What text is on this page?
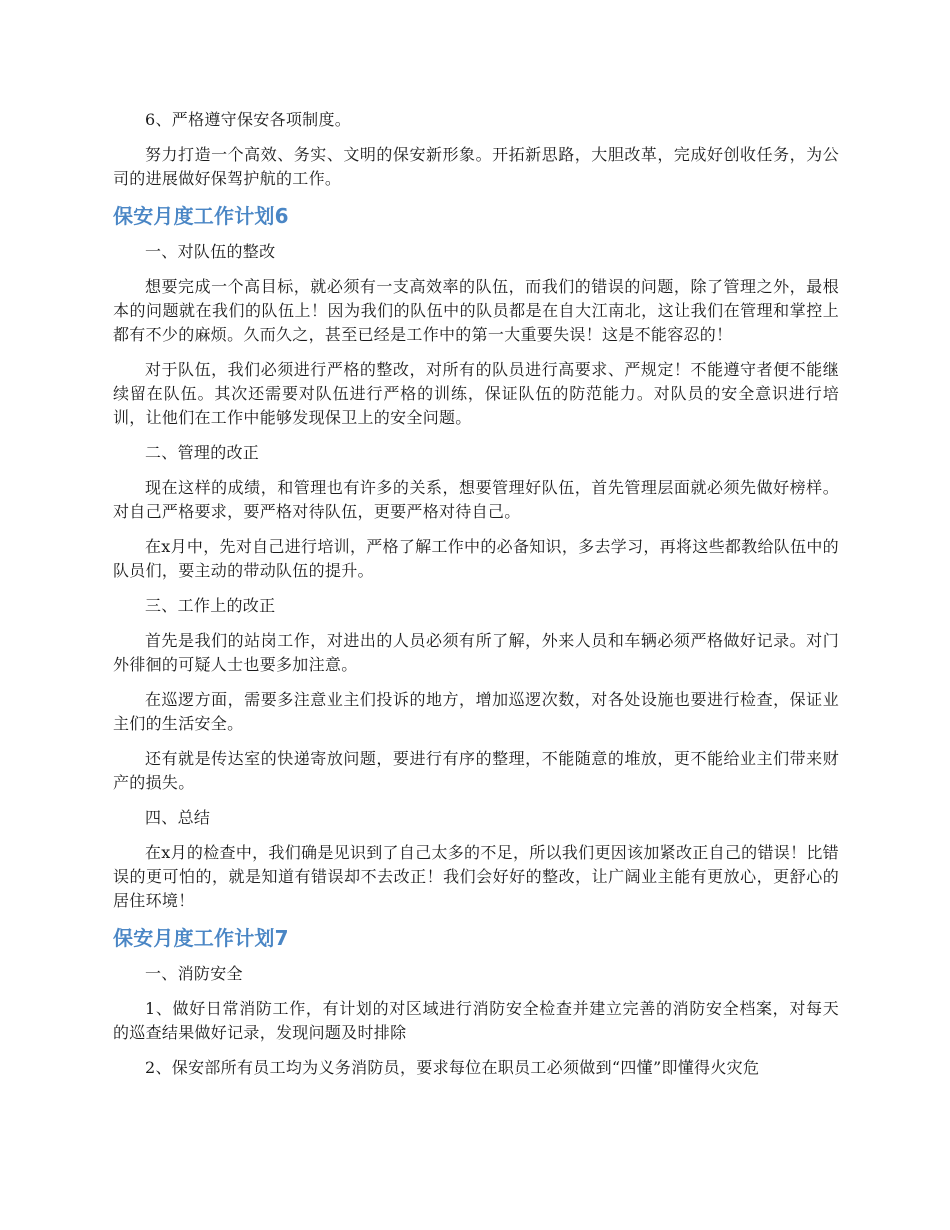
6、严格遵守保安各项制度。

努力打造一个高效、务实、文明的保安新形象。开拓新思路，大胆改革，完成好创收任务，为公司的进展做好保驾护航的工作。

保安月度工作计划6

一、对队伍的整改

想要完成一个高目标，就必须有一支高效率的队伍，而我们的错误的问题，除了管理之外，最根本的问题就在我们的队伍上！因为我们的队伍中的队员都是在自大江南北，这让我们在管理和掌控上都有不少的麻烦。久而久之，甚至已经是工作中的第一大重要失误！这是不能容忍的！

对于队伍，我们必须进行严格的整改，对所有的队员进行高要求、严规定！不能遵守者便不能继续留在队伍。其次还需要对队伍进行严格的训练，保证队伍的防范能力。对队员的安全意识进行培训，让他们在工作中能够发现保卫上的安全问题。

二、管理的改正

现在这样的成绩，和管理也有许多的关系，想要管理好队伍，首先管理层面就必须先做好榜样。对自己严格要求，要严格对待队伍，更要严格对待自己。

在x月中，先对自己进行培训，严格了解工作中的必备知识，多去学习，再将这些都教给队伍中的队员们，要主动的带动队伍的提升。

三、工作上的改正

首先是我们的站岗工作，对进出的人员必须有所了解，外来人员和车辆必须严格做好记录。对门外徘徊的可疑人士也要多加注意。

在巡逻方面，需要多注意业主们投诉的地方，增加巡逻次数，对各处设施也要进行检查，保证业主们的生活安全。

还有就是传达室的快递寄放问题，要进行有序的整理，不能随意的堆放，更不能给业主们带来财产的损失。

四、总结

在x月的检查中，我们确是见识到了自己太多的不足，所以我们更因该加紧改正自己的错误！比错误的更可怕的，就是知道有错误却不去改正！我们会好好的整改，让广阔业主能有更放心，更舒心的居住环境！

保安月度工作计划7

一、消防安全

1、做好日常消防工作，有计划的对区域进行消防安全检查并建立完善的消防安全档案，对每天的巡查结果做好记录，发现问题及时排除

2、保安部所有员工均为义务消防员，要求每位在职员工必须做到“四懂”即懂得火灾危
